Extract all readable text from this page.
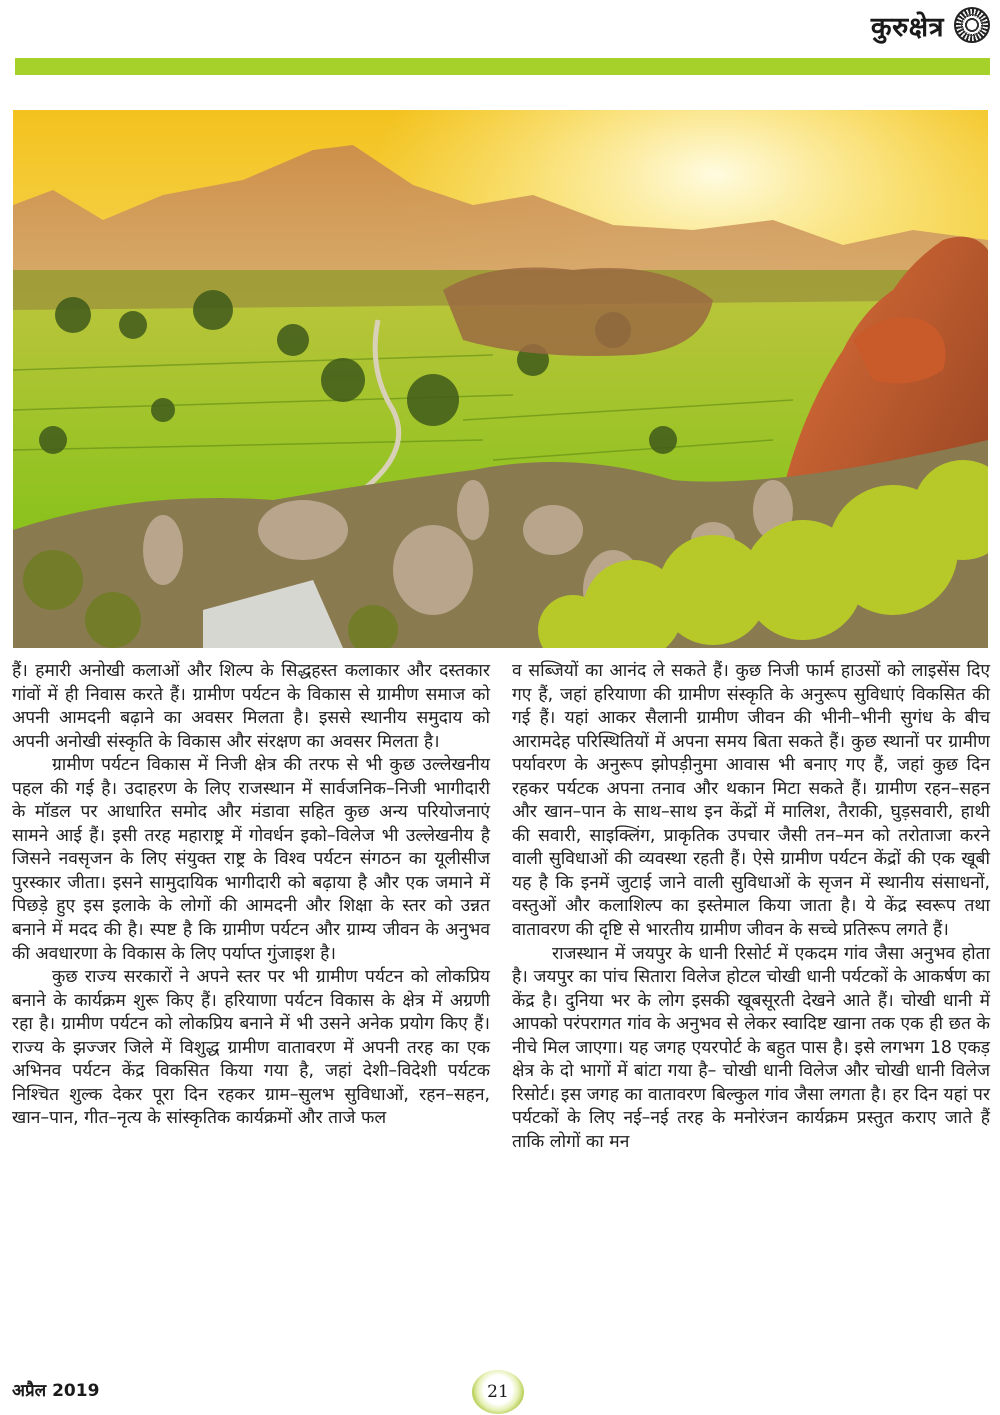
कुरुक्षेत्र

हैं। हमारी अनोखी कलाओं और शिल्प के सिद्धहस्त कलाकार और दस्तकार गांवों में ही निवास करते हैं। ग्रामीण पर्यटन के विकास से ग्रामीण समाज को अपनी आमदनी बढ़ाने का अवसर मिलता है। इससे स्थानीय समुदाय को अपनी अनोखी संस्कृति के विकास और संरक्षण का अवसर मिलता है।

ग्रामीण पर्यटन विकास में निजी क्षेत्र की तरफ से भी कुछ उल्लेखनीय पहल की गई है। उदाहरण के लिए राजस्थान में सार्वजनिक–निजी भागीदारी के मॉडल पर आधारित समोद और मंडावा सहित कुछ अन्य परियोजनाएं सामने आई हैं। इसी तरह महाराष्ट्र में गोवर्धन इको–विलेज भी उल्लेखनीय है जिसने नवसृजन के लिए संयुक्त राष्ट्र के विश्व पर्यटन संगठन का यूलीसीज पुरस्कार जीता। इसने सामुदायिक भागीदारी को बढ़ाया है और एक जमाने में पिछड़े हुए इस इलाके के लोगों की आमदनी और शिक्षा के स्तर को उन्नत बनाने में मदद की है। स्पष्ट है कि ग्रामीण पर्यटन और ग्राम्य जीवन के अनुभव की अवधारणा के विकास के लिए पर्याप्त गुंजाइश है।

कुछ राज्य सरकारों ने अपने स्तर पर भी ग्रामीण पर्यटन को लोकप्रिय बनाने के कार्यक्रम शुरू किए हैं। हरियाणा पर्यटन विकास के क्षेत्र में अग्रणी रहा है। ग्रामीण पर्यटन को लोकप्रिय बनाने में भी उसने अनेक प्रयोग किए हैं। राज्य के झज्जर जिले में विशुद्ध ग्रामीण वातावरण में अपनी तरह का एक अभिनव पर्यटन केंद्र विकसित किया गया है, जहां देशी–विदेशी पर्यटक निश्चित शुल्क देकर पूरा दिन रहकर ग्राम–सुलभ सुविधाओं, रहन–सहन, खान–पान, गीत–नृत्य के सांस्कृतिक कार्यक्रमों और ताजे फल

व सब्जियों का आनंद ले सकते हैं। कुछ निजी फार्म हाउसों को लाइसेंस दिए गए हैं, जहां हरियाणा की ग्रामीण संस्कृति के अनुरूप सुविधाएं विकसित की गई हैं। यहां आकर सैलानी ग्रामीण जीवन की भीनी–भीनी सुगंध के बीच आरामदेह परिस्थितियों में अपना समय बिता सकते हैं। कुछ स्थानों पर ग्रामीण पर्यावरण के अनुरूप झोपड़ीनुमा आवास भी बनाए गए हैं, जहां कुछ दिन रहकर पर्यटक अपना तनाव और थकान मिटा सकते हैं। ग्रामीण रहन–सहन और खान–पान के साथ–साथ इन केंद्रों में मालिश, तैराकी, घुड़सवारी, हाथी की सवारी, साइक्लिंग, प्राकृतिक उपचार जैसी तन–मन को तरोताजा करने वाली सुविधाओं की व्यवस्था रहती हैं। ऐसे ग्रामीण पर्यटन केंद्रों की एक खूबी यह है कि इनमें जुटाई जाने वाली सुविधाओं के सृजन में स्थानीय संसाधनों, वस्तुओं और कलाशिल्प का इस्तेमाल किया जाता है। ये केंद्र स्वरूप तथा वातावरण की दृष्टि से भारतीय ग्रामीण जीवन के सच्चे प्रतिरूप लगते हैं।

राजस्थान में जयपुर के धानी रिसोर्ट में एकदम गांव जैसा अनुभव होता है। जयपुर का पांच सितारा विलेज होटल चोखी धानी पर्यटकों के आकर्षण का केंद्र है। दुनिया भर के लोग इसकी खूबसूरती देखने आते हैं। चोखी धानी में आपको परंपरागत गांव के अनुभव से लेकर स्वादिष्ट खाना तक एक ही छत के नीचे मिल जाएगा। यह जगह एयरपोर्ट के बहुत पास है। इसे लगभग 18 एकड़ क्षेत्र के दो भागों में बांटा गया है– चोखी धानी विलेज और चोखी धानी विलेज रिसोर्ट। इस जगह का वातावरण बिल्कुल गांव जैसा लगता है। हर दिन यहां पर पर्यटकों के लिए नई–नई तरह के मनोरंजन कार्यक्रम प्रस्तुत कराए जाते हैं ताकि लोगों का मन

अप्रैल 2019	21
